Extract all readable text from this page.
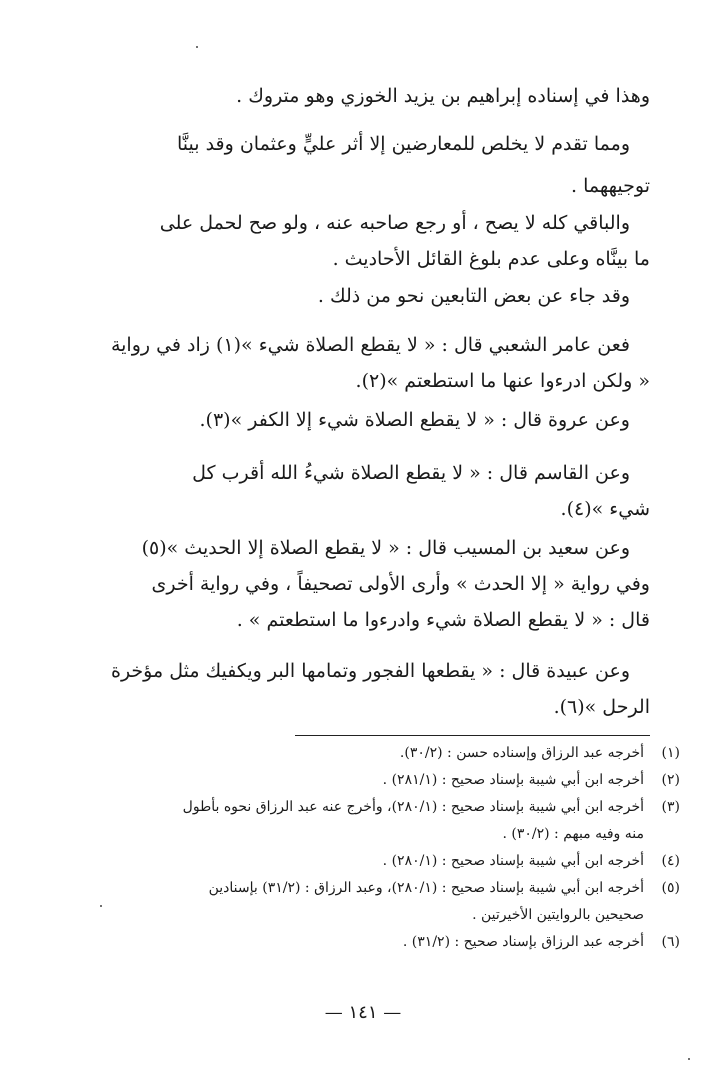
وهذا في إسناده إبراهيم بن يزيد الخوزي وهو متروك .
ومما تقدم لا يخلص للمعارضين إلا أثر عليٍّ وعثمان وقد بينَّا
توجيههما .
والباقي كله لا يصح ، أو رجع صاحبه عنه ، ولو صح لحمل على
ما بينَّاه وعلى عدم بلوغ القائل الأحاديث .
وقد جاء عن بعض التابعين نحو من ذلك .
فعن عامر الشعبي قال : « لا يقطع الصلاة شيء »(١) زاد في رواية
« ولكن ادرءوا عنها ما استطعتم »(٢).
وعن عروة قال : « لا يقطع الصلاة شيء إلا الكفر »(٣).
وعن القاسم قال : « لا يقطع الصلاة شيءُ الله أقرب كل
شيء »(٤).
وعن سعيد بن المسيب قال : « لا يقطع الصلاة إلا الحديث »(٥)
وفي رواية « إلا الحدث » وأرى الأولى تصحيفاً ، وفي رواية أخرى
قال : « لا يقطع الصلاة شيء وادرءوا ما استطعتم » .
وعن عبيدة قال : « يقطعها الفجور وتمامها البر ويكفيك مثل مؤخرة
الرحل »(٦).
(١)
أخرجه عبد الرزاق وإسناده حسن : (٣٠/٢).
(٢)
أخرجه ابن أبي شيبة بإسناد صحيح : (٢٨١/١) .
(٣)
أخرجه ابن أبي شيبة بإسناد صحيح : (٢٨٠/١)، وأخرج عنه عبد الرزاق نحوه بأطول
منه وفيه مبهم : (٣٠/٢) .
(٤)
أخرجه ابن أبي شيبة بإسناد صحيح : (٢٨٠/١) .
(٥)
أخرجه ابن أبي شيبة بإسناد صحيح : (٢٨٠/١)، وعبد الرزاق : (٣١/٢) بإسنادين
صحيحين بالروايتين الأخيرتين .
(٦)
أخرجه عبد الرزاق بإسناد صحيح : (٣١/٢) .
— ١٤١ —
